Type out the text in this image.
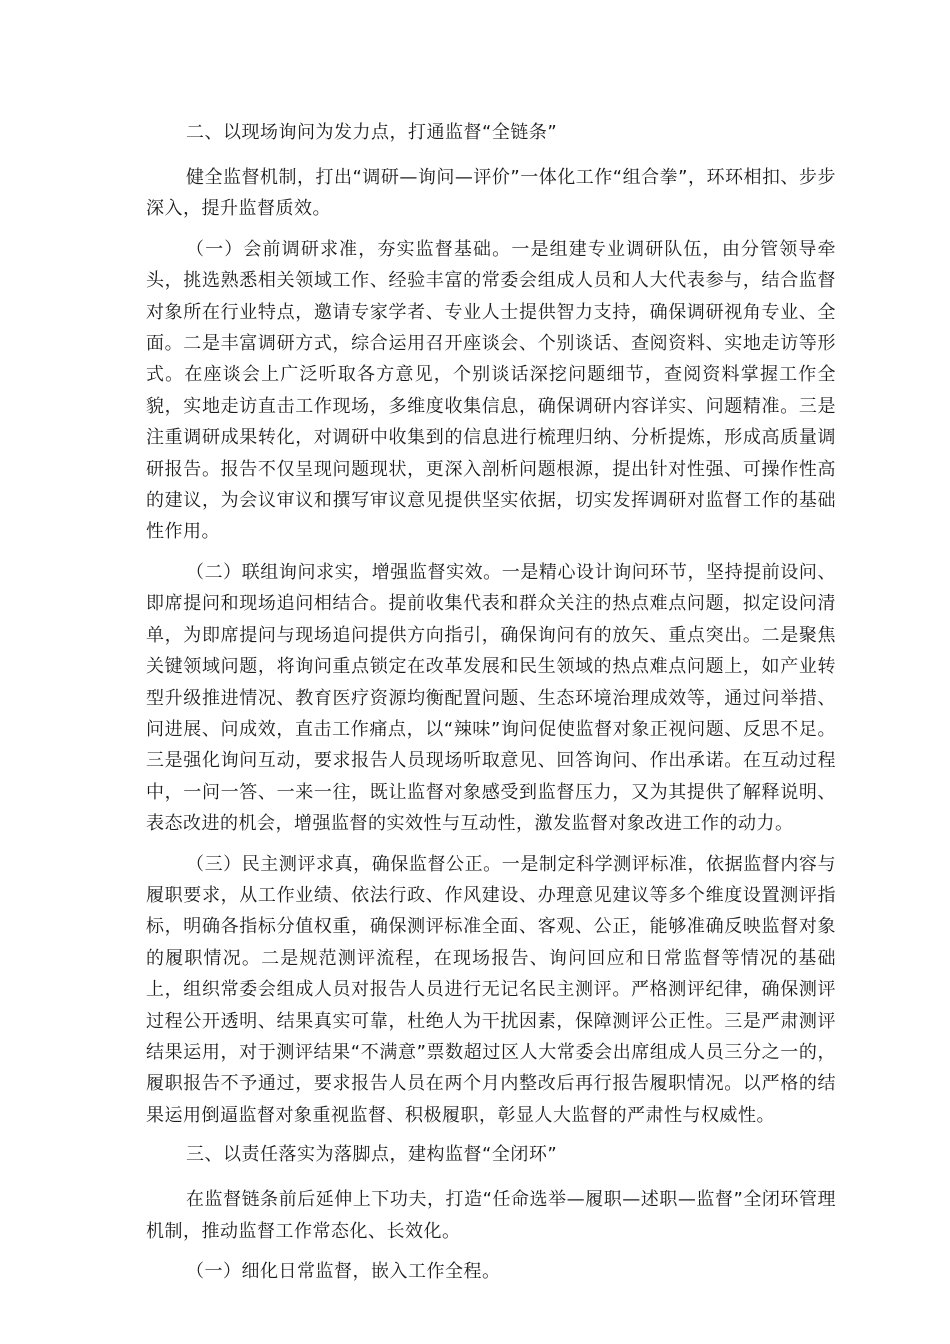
二、以现场询问为发力点，打通监督“全链条”

健全监督机制，打出“调研—询问—评价”一体化工作“组合拳”，环环相扣、步步深入，提升监督质效。

（一）会前调研求准，夯实监督基础。一是组建专业调研队伍，由分管领导牵头，挑选熟悉相关领域工作、经验丰富的常委会组成人员和人大代表参与，结合监督对象所在行业特点，邀请专家学者、专业人士提供智力支持，确保调研视角专业、全面。二是丰富调研方式，综合运用召开座谈会、个别谈话、查阅资料、实地走访等形式。在座谈会上广泛听取各方意见，个别谈话深挖问题细节，查阅资料掌握工作全貌，实地走访直击工作现场，多维度收集信息，确保调研内容详实、问题精准。三是注重调研成果转化，对调研中收集到的信息进行梳理归纳、分析提炼，形成高质量调研报告。报告不仅呈现问题现状，更深入剖析问题根源，提出针对性强、可操作性高的建议，为会议审议和撰写审议意见提供坚实依据，切实发挥调研对监督工作的基础性作用。

（二）联组询问求实，增强监督实效。一是精心设计询问环节，坚持提前设问、即席提问和现场追问相结合。提前收集代表和群众关注的热点难点问题，拟定设问清单，为即席提问与现场追问提供方向指引，确保询问有的放矢、重点突出。二是聚焦关键领域问题，将询问重点锁定在改革发展和民生领域的热点难点问题上，如产业转型升级推进情况、教育医疗资源均衡配置问题、生态环境治理成效等，通过问举措、问进展、问成效，直击工作痛点，以“辣味”询问促使监督对象正视问题、反思不足。三是强化询问互动，要求报告人员现场听取意见、回答询问、作出承诺。在互动过程中，一问一答、一来一往，既让监督对象感受到监督压力，又为其提供了解释说明、表态改进的机会，增强监督的实效性与互动性，激发监督对象改进工作的动力。

（三）民主测评求真，确保监督公正。一是制定科学测评标准，依据监督内容与履职要求，从工作业绩、依法行政、作风建设、办理意见建议等多个维度设置测评指标，明确各指标分值权重，确保测评标准全面、客观、公正，能够准确反映监督对象的履职情况。二是规范测评流程，在现场报告、询问回应和日常监督等情况的基础上，组织常委会组成人员对报告人员进行无记名民主测评。严格测评纪律，确保测评过程公开透明、结果真实可靠，杜绝人为干扰因素，保障测评公正性。三是严肃测评结果运用，对于测评结果“不满意”票数超过区人大常委会出席组成人员三分之一的，履职报告不予通过，要求报告人员在两个月内整改后再行报告履职情况。以严格的结果运用倒逼监督对象重视监督、积极履职，彰显人大监督的严肃性与权威性。

三、以责任落实为落脚点，建构监督“全闭环”

在监督链条前后延伸上下功夫，打造“任命选举—履职—述职—监督”全闭环管理机制，推动监督工作常态化、长效化。

（一）细化日常监督，嵌入工作全程。
